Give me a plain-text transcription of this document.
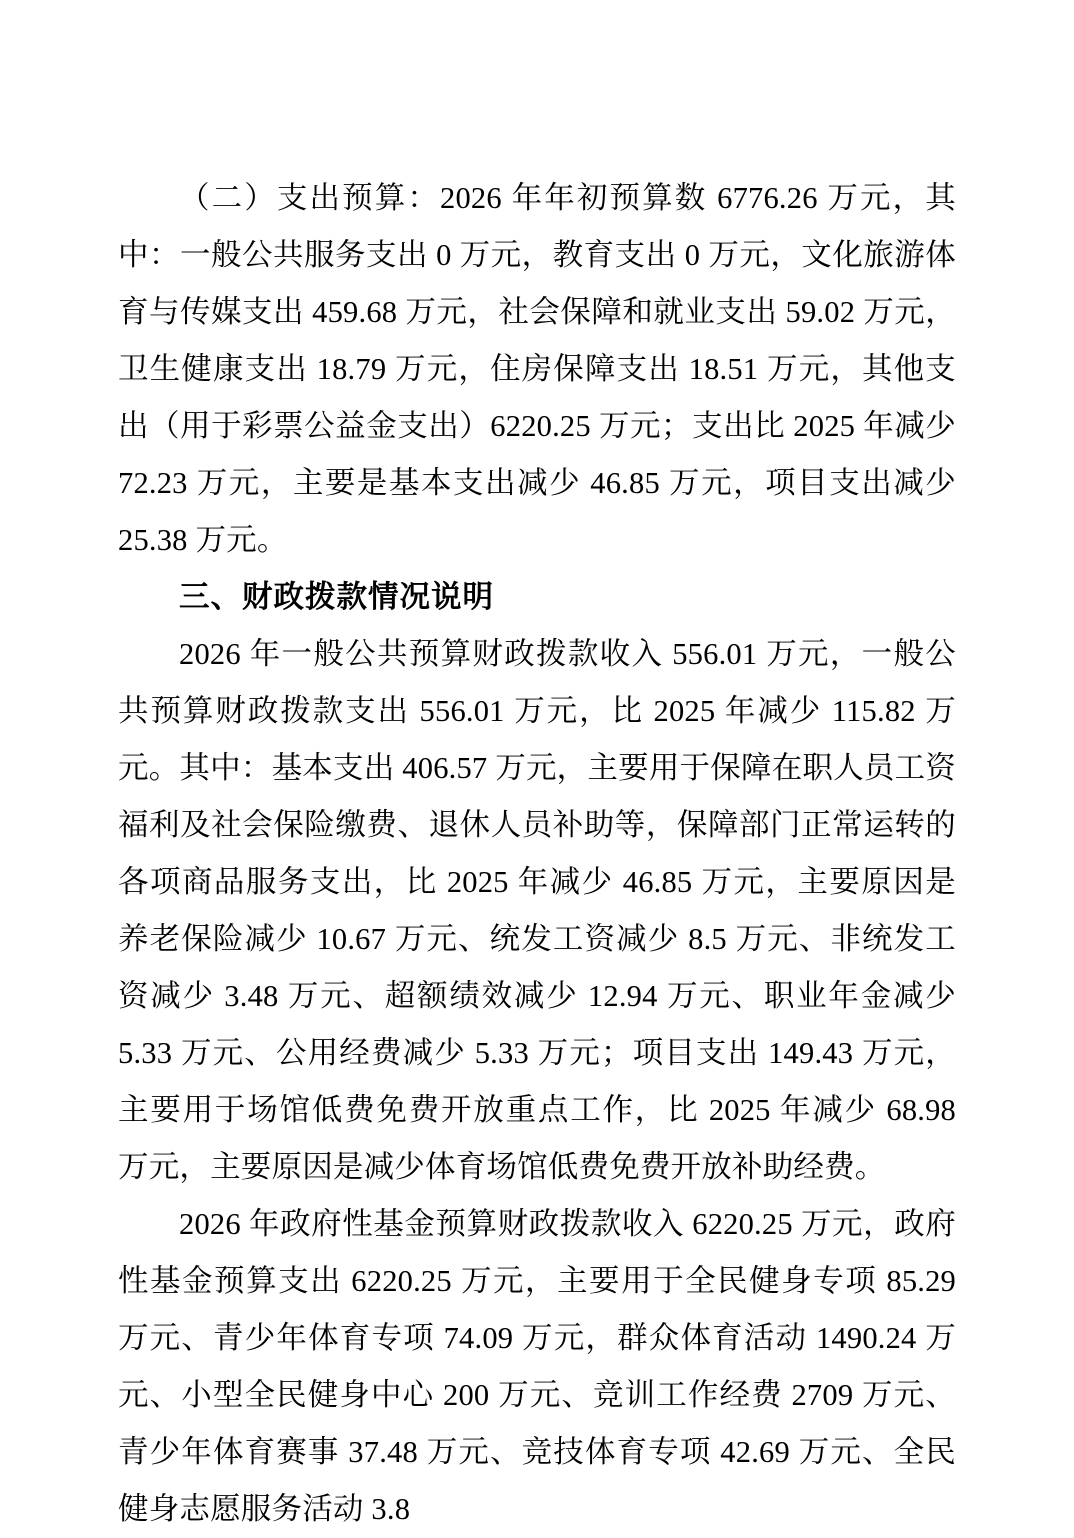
（二）支出预算：2026 年年初预算数 6776.26 万元，其中：一般公共服务支出 0 万元，教育支出 0 万元，文化旅游体育与传媒支出 459.68 万元，社会保障和就业支出 59.02 万元，卫生健康支出 18.79 万元，住房保障支出 18.51 万元，其他支出（用于彩票公益金支出）6220.25 万元；支出比 2025 年减少 72.23 万元，主要是基本支出减少 46.85 万元，项目支出减少 25.38 万元。

三、财政拨款情况说明

2026 年一般公共预算财政拨款收入 556.01 万元，一般公共预算财政拨款支出 556.01 万元，比 2025 年减少 115.82 万元。其中：基本支出 406.57 万元，主要用于保障在职人员工资福利及社会保险缴费、退休人员补助等，保障部门正常运转的各项商品服务支出，比 2025 年减少 46.85 万元，主要原因是养老保险减少 10.67 万元、统发工资减少 8.5 万元、非统发工资减少 3.48 万元、超额绩效减少 12.94 万元、职业年金减少 5.33 万元、公用经费减少 5.33 万元；项目支出 149.43 万元，主要用于场馆低费免费开放重点工作，比 2025 年减少 68.98 万元，主要原因是减少体育场馆低费免费开放补助经费。

2026 年政府性基金预算财政拨款收入 6220.25 万元，政府性基金预算支出 6220.25 万元，主要用于全民健身专项 85.29 万元、青少年体育专项 74.09 万元，群众体育活动 1490.24 万元、小型全民健身中心 200 万元、竞训工作经费 2709 万元、青少年体育赛事 37.48 万元、竞技体育专项 42.69 万元、全民健身志愿服务活动 3.8
